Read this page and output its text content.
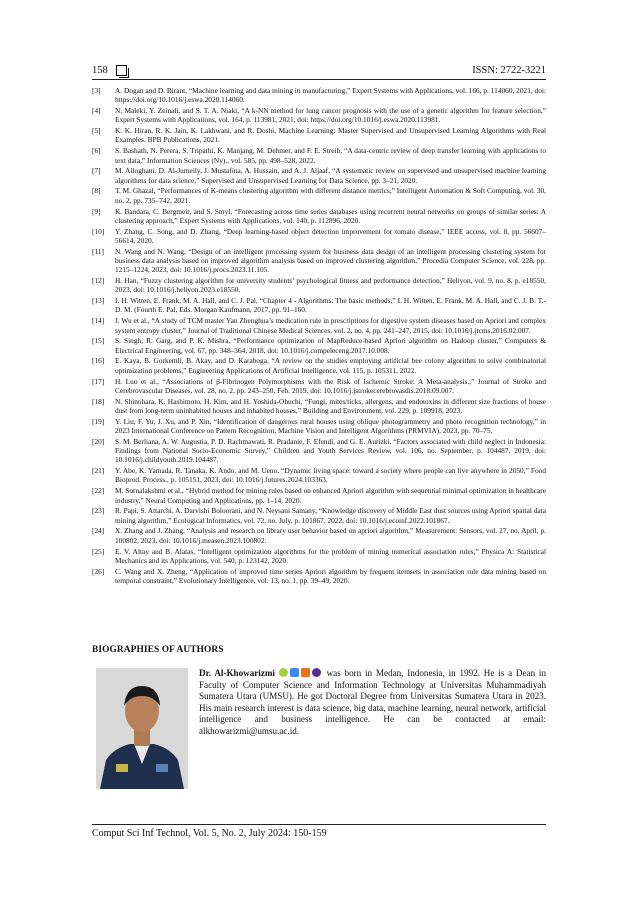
158	ISSN: 2722-3221
[3]	A. Dogan and D. Birant, “Machine learning and data mining in manufacturing,” Expert Systems with Applications, vol. 166, p. 114060, 2021, doi: https://doi.org/10.1016/j.eswa.2020.114060.
[4]	N. Maleki, Y. Zeinali, and S. T. A. Niaki, “A k-NN method for lung cancer prognosis with the use of a genetic algorithm for feature selection,” Expert Systems with Applications, vol. 164, p. 113981, 2021, doi: https://doi.org/10.1016/j.eswa.2020.113981.
[5]	K. K. Hiran, R. K. Jain, K. Lakhwani, and R. Doshi, Machine Learning: Master Supervised and Unsupervised Learning Algorithms with Real Examples. BPB Publications, 2021.
[6]	S. Bashath, N. Perera, S. Tripathi, K. Manjang, M. Dehmer, and F. E. Streib, “A data-centric review of deep transfer learning with applications to text data,” Information Sciences (Ny)., vol. 585, pp. 498–528, 2022.
[7]	M. Alloghani, D. Al-Jumeily, J. Mustafina, A. Hussain, and A. J. Aljaaf, “A systematic review on supervised and unsupervised machine learning algorithms for data science,” Supervised and Unsupervised Learning for Data Science, pp. 3–21, 2020.
[8]	T. M. Ghazal, “Performances of K-means clustering algorithm with different distance metrics,” Intelligent Automation & Soft Computing, vol. 30, no. 2, pp. 735–742, 2021.
[9]	K. Bandara, C. Bergmeir, and S. Smyl, “Forecasting across time series databases using recurrent neural networks on groups of similar series: A clustering approach,” Expert Systems with Applications, vol. 140, p. 112896, 2020.
[10]	Y. Zhang, C. Song, and D. Zhang, “Deep learning-based object detection improvement for tomato disease,” IEEE access, vol. 8, pp. 56607–56614, 2020.
[11]	N. Wang and N. Wang, “Design of an intelligent processing system for business data design of an intelligent processing clustering system for business data analysis based on improved algorithm analysis based on improved clustering algorithm,” Procedia Computer Science, vol. 228, pp. 1215–1224, 2023, doi: 10.1016/j.procs.2023.11.105.
[12]	H. Han, “Fuzzy clustering algorithm for university students’ psychological fitness and performance detection,” Heliyon, vol. 9, no. 8, p. e18550, 2023, doi: 10.1016/j.heliyon.2023.e18550.
[13]	I. H. Witten, E. Frank, M. A. Hall, and C. J. Pal, “Chapter 4 - Algorithms: The basic methods,” I. H. Witten, E. Frank, M. A. Hall, and C. J. B. T.-D. M. (Fourth E. Pal, Eds. Morgan Kaufmann, 2017, pp. 91–160.
[14]	J. Wu et al., “A study of TCM master Yan Zhenghua’s medication rule in prescriptions for digestive system diseases based on Apriori and complex system entropy cluster,” Journal of Traditional Chinese Medical Sciences, vol. 2, no. 4, pp. 241–247, 2015, doi: 10.1016/j.jtcms.2016.02.007.
[15]	S. Singh, R. Garg, and P. K. Mishra, “Performance optimization of MapReduce-based Apriori algorithm on Hadoop cluster,” Computers & Electrical Engineering, vol. 67, pp. 348–364, 2018, doi: 10.1016/j.compeleceng.2017.10.008.
[16]	E. Kaya, B. Gorkemli, B. Akay, and D. Karaboga, “A review on the studies employing artificial bee colony algorithm to solve combinatorial optimization problems,” Engineering Applications of Artificial Intelligence, vol. 115, p. 105311, 2022.
[17]	H. Luo et al., “Associations of β-Fibrinogen Polymorphisms with the Risk of Ischemic Stroke: A Meta-analysis.,” Journal of Stroke and Cerebrovascular Diseases, vol. 28, no. 2, pp. 243–250, Feb. 2019, doi: 10.1016/j.jstrokecerebrovasdis.2018.09.007.
[18]	N. Shinohara, K. Hashimoto, H. Kim, and H. Yoshida-Ohuchi, “Fungi, mites/ticks, allergens, and endotoxins in different size fractions of house dust from long-term uninhabited houses and inhabited houses,” Building and Environment, vol. 229, p. 109918, 2023.
[19]	Y. Liu, F. Yu, J. Xu, and P. Xin, “Identification of dangerous rural houses using oblique photogrammetry and photo recognition technology,” in 2023 International Conference on Pattern Recognition, Machine Vision and Intelligent Algorithms (PRMVIA), 2023, pp. 70–75.
[20]	S. M. Berliana, A. W. Augustia, P. D. Rachmawati, R. Pradanie, F. Efendi, and G. E. Aurizki, “Factors associated with child neglect in Indonesia: Findings from National Socio-Economic Survey,” Children and Youth Services Review, vol. 106, no. September, p. 104487, 2019, doi: 10.1016/j.childyouth.2019.104487.
[21]	Y. Abe, K. Yamada, R. Tanaka, K. Ando, and M. Ueno, “Dynamic living space: toward a society where people can live anywhere in 2050,” Food Bioprod. Process., p. 105151, 2023, doi: 10.1016/j.futures.2024.103363.
[22]	M. Sornalakshmi et al., “Hybrid method for mining rules based on enhanced Apriori algorithm with sequential minimal optimization in healthcare industry,” Neural Computing and Applications, pp. 1–14, 2020.
[23]	R. Papi, S. Attarchi, A. Darvishi Boloorani, and N. Neysani Samany, “Knowledge discovery of Middle East dust sources using Apriori spatial data mining algorithm,” Ecological Informatics, vol. 72, no. July, p. 101867, 2022, doi: 10.1016/j.ecoinf.2022.101867.
[24]	X. Zhang and J. Zhang, “Analysis and research on library user behavior based on apriori algorithm,” Measurement: Sensors, vol. 27, no. April, p. 100802, 2023, doi: 10.1016/j.measen.2023.100802.
[25]	E. V. Altay and B. Alatas, “Intelligent optimization algorithms for the problem of mining numerical association rules,” Physica A: Statistical Mechanics and its Applications, vol. 540, p. 123142, 2020.
[26]	C. Wang and X. Zheng, “Application of improved time series Apriori algorithm by frequent itemsets in association rule data mining based on temporal constraint,” Evolutionary Intelligence, vol. 13, no. 1, pp. 39–49, 2020.
BIOGRAPHIES OF AUTHORS
Dr. Al-Khowarizmi	was born in Medan, Indonesia, in 1992. He is a Dean in Faculty of Computer Science and Information Technology at Universitas Muhammadiyah Sumatera Utara (UMSU). He got Doctoral Degree from Universitas Sumatera Utara in 2023. His main research interest is data science, big data, machine learning, neural network, artificial intelligence and business intelligence. He can be contacted at email: alkhowarizmi@umsu.ac.id.
Comput Sci Inf Technol, Vol. 5, No. 2, July 2024: 150-159
